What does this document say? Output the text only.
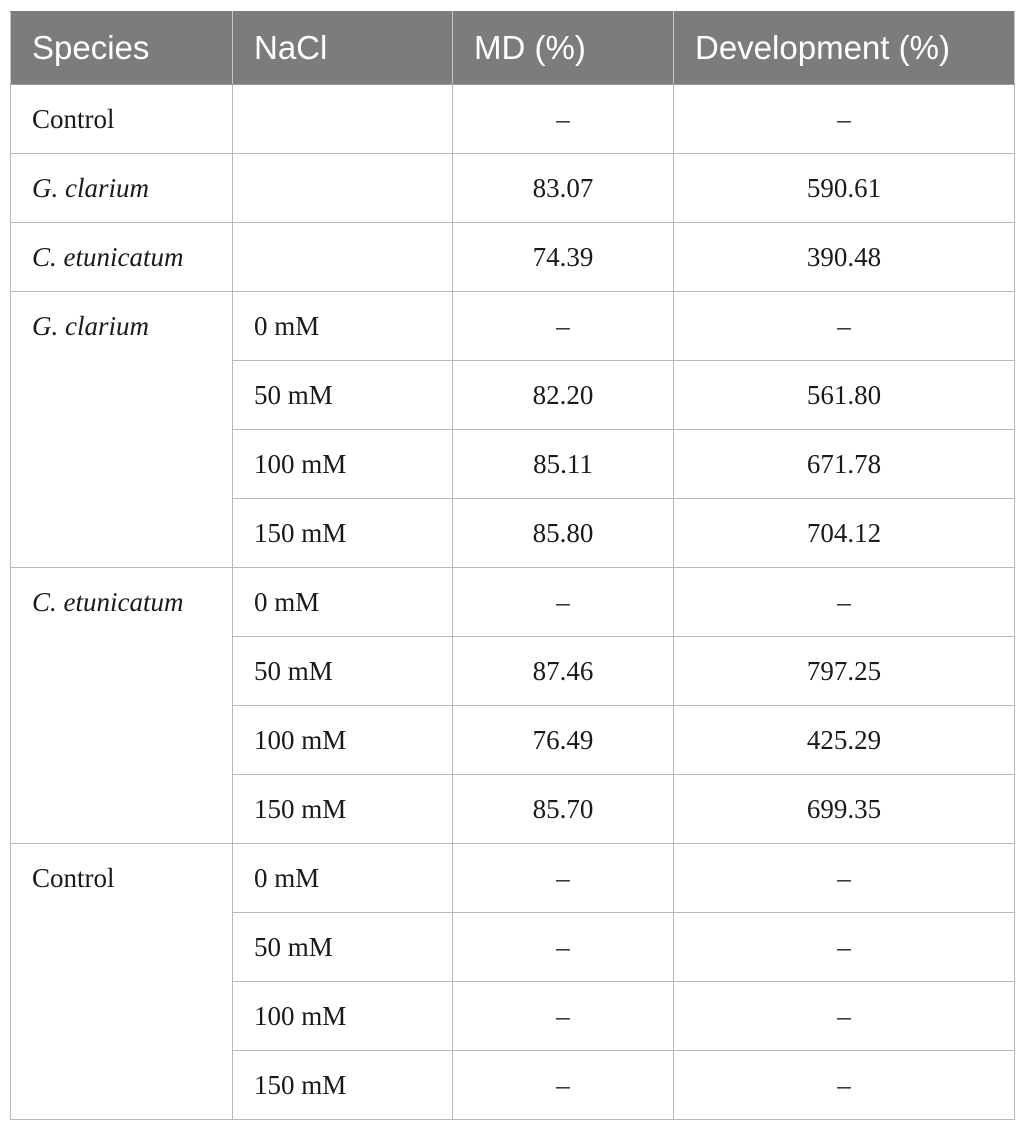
Species	NaCl	MD (%)	Development (%)
Control		–	–
G. clarium		83.07	590.61
C. etunicatum		74.39	390.48
G. clarium	0 mM	–	–
	50 mM	82.20	561.80
	100 mM	85.11	671.78
	150 mM	85.80	704.12
C. etunicatum	0 mM	–	–
	50 mM	87.46	797.25
	100 mM	76.49	425.29
	150 mM	85.70	699.35
Control	0 mM	–	–
	50 mM	–	–
	100 mM	–	–
	150 mM	–	–
